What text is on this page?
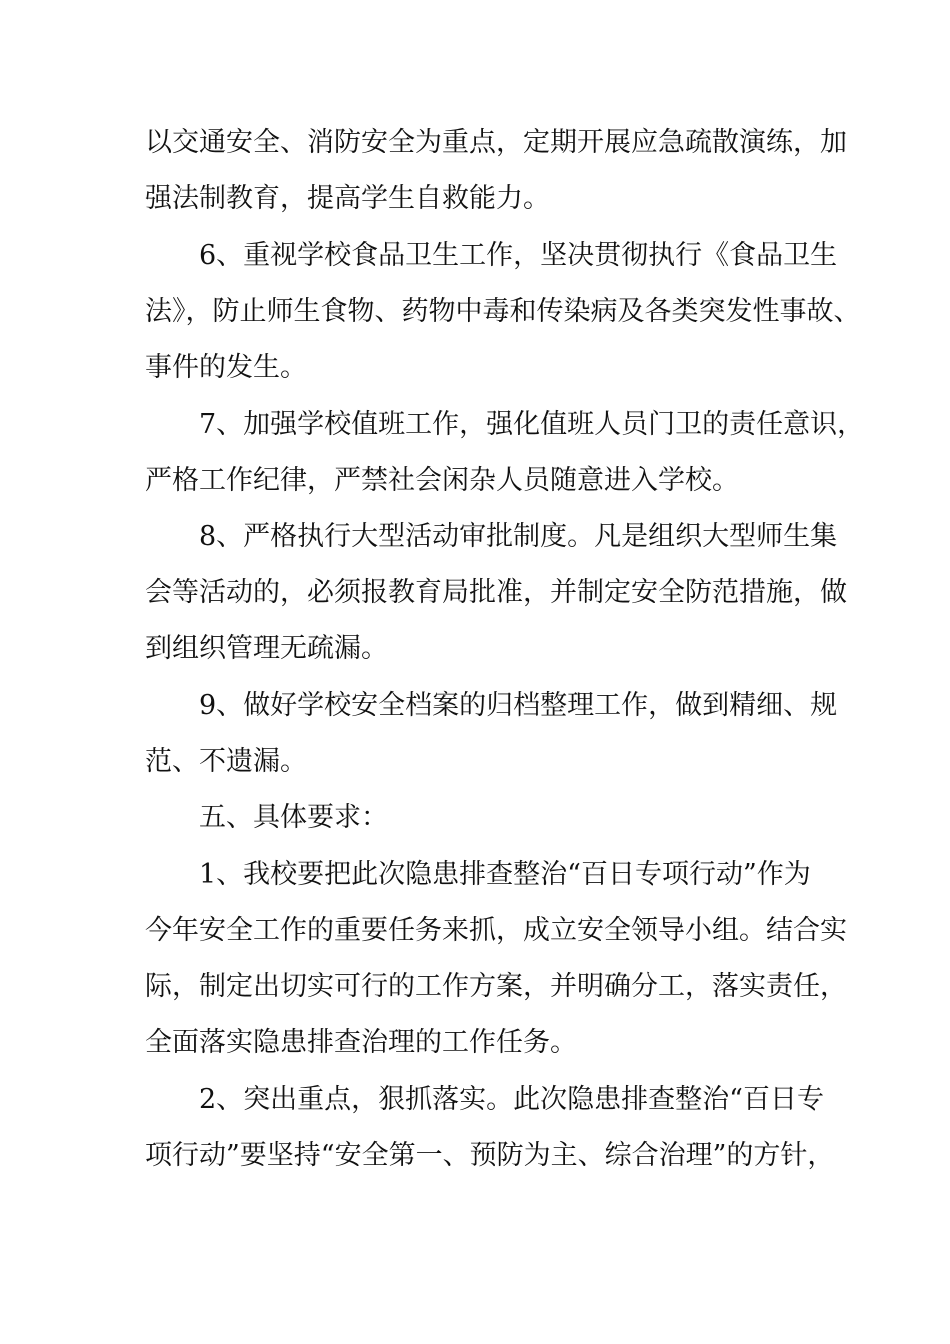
以交通安全、消防安全为重点，定期开展应急疏散演练，加
强法制教育，提高学生自救能力。
　　6、重视学校食品卫生工作，坚决贯彻执行《食品卫生
法》，防止师生食物、药物中毒和传染病及各类突发性事故、
事件的发生。
　　7、加强学校值班工作，强化值班人员门卫的责任意识，
严格工作纪律，严禁社会闲杂人员随意进入学校。
　　8、严格执行大型活动审批制度。凡是组织大型师生集
会等活动的，必须报教育局批准，并制定安全防范措施，做
到组织管理无疏漏。
　　9、做好学校安全档案的归档整理工作，做到精细、规
范、不遗漏。
　　五、具体要求：
　　1、我校要把此次隐患排查整治“百日专项行动”作为
今年安全工作的重要任务来抓，成立安全领导小组。结合实
际，制定出切实可行的工作方案，并明确分工，落实责任，
全面落实隐患排查治理的工作任务。
　　2、突出重点，狠抓落实。此次隐患排查整治“百日专
项行动”要坚持“安全第一、预防为主、综合治理”的方针，
